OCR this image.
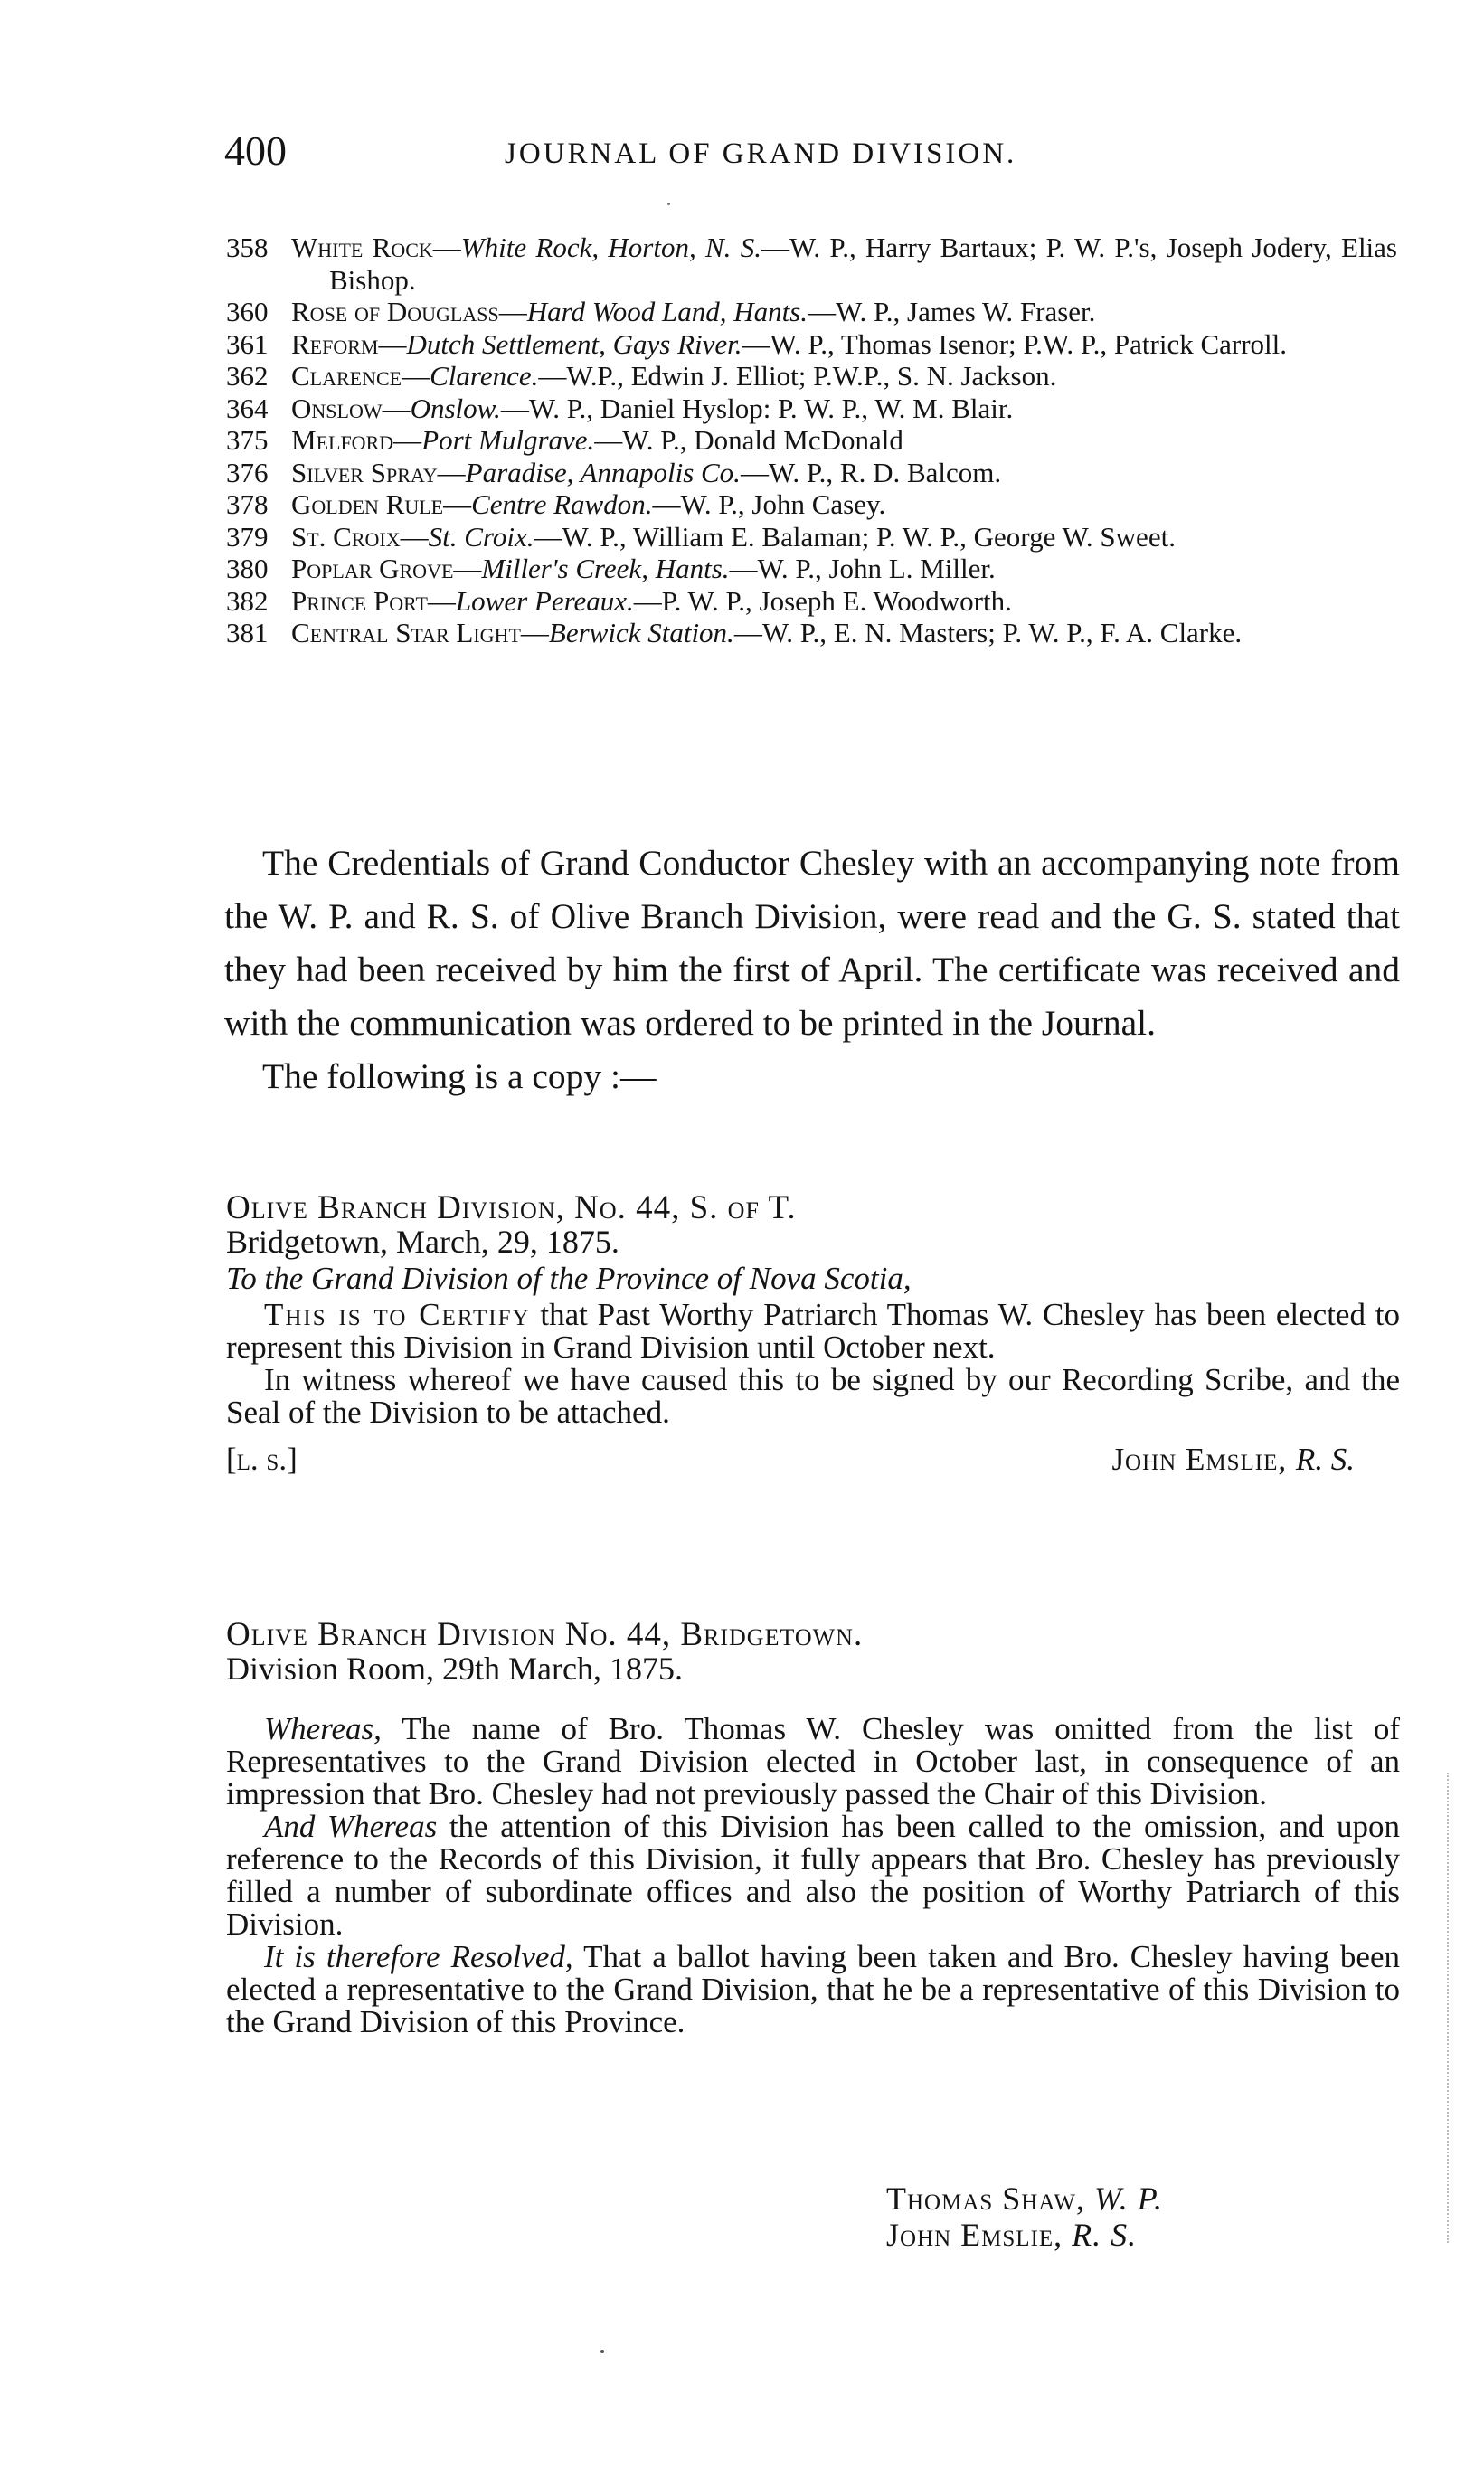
400	JOURNAL OF GRAND DIVISION.
358 White Rock—White Rock, Horton, N. S.—W. P., Harry Bartaux; P. W. P.'s, Joseph Jodery, Elias Bishop.
360 Rose of Douglass—Hard Wood Land, Hants.—W. P., James W. Fraser.
361 Reform—Dutch Settlement, Gays River.—W. P., Thomas Isenor; P.W. P., Patrick Carroll.
362 Clarence—Clarence.—W.P., Edwin J. Elliot; P.W.P., S. N. Jackson.
364 Onslow—Onslow.—W. P., Daniel Hyslop: P. W. P., W. M. Blair.
375 Melford—Port Mulgrave.—W. P., Donald McDonald
376 Silver Spray—Paradise, Annapolis Co.—W. P., R. D. Balcom.
378 Golden Rule—Centre Rawdon.—W. P., John Casey.
379 St. Croix—St. Croix.—W. P., William E. Balaman; P. W. P., George W. Sweet.
380 Poplar Grove—Miller's Creek, Hants.—W. P., John L. Miller.
382 Prince Port—Lower Pereaux.—P. W. P., Joseph E. Woodworth.
381 Central Star Light—Berwick Station.—W. P., E. N. Masters; P. W. P., F. A. Clarke.

The Credentials of Grand Conductor Chesley with an accompanying note from the W. P. and R. S. of Olive Branch Division, were read and the G. S. stated that they had been received by him the first of April. The certificate was received and with the communication was ordered to be printed in the Journal.

The following is a copy :—

Olive Branch Division, No. 44, S. of T.

Bridgetown, March, 29, 1875.

To the Grand Division of the Province of Nova Scotia,

This is to Certify that Past Worthy Patriarch Thomas W. Chesley has been elected to represent this Division in Grand Division until October next.

In witness whereof we have caused this to be signed by our Recording Scribe, and the Seal of the Division to be attached.

[l. s.]	John Emslie, R. S.

Olive Branch Division No. 44, Bridgetown.

Division Room, 29th March, 1875.

Whereas, The name of Bro. Thomas W. Chesley was omitted from the list of Representatives to the Grand Division elected in October last, in consequence of an impression that Bro. Chesley had not previously passed the Chair of this Division.

And Whereas the attention of this Division has been called to the omission, and upon reference to the Records of this Division, it fully appears that Bro. Chesley has previously filled a number of subordinate offices and also the position of Worthy Patriarch of this Division.

It is therefore Resolved, That a ballot having been taken and Bro. Chesley having been elected a representative to the Grand Division, that he be a representative of this Division to the Grand Division of this Province.

Thomas Shaw, W. P.
John Emslie, R. S.
